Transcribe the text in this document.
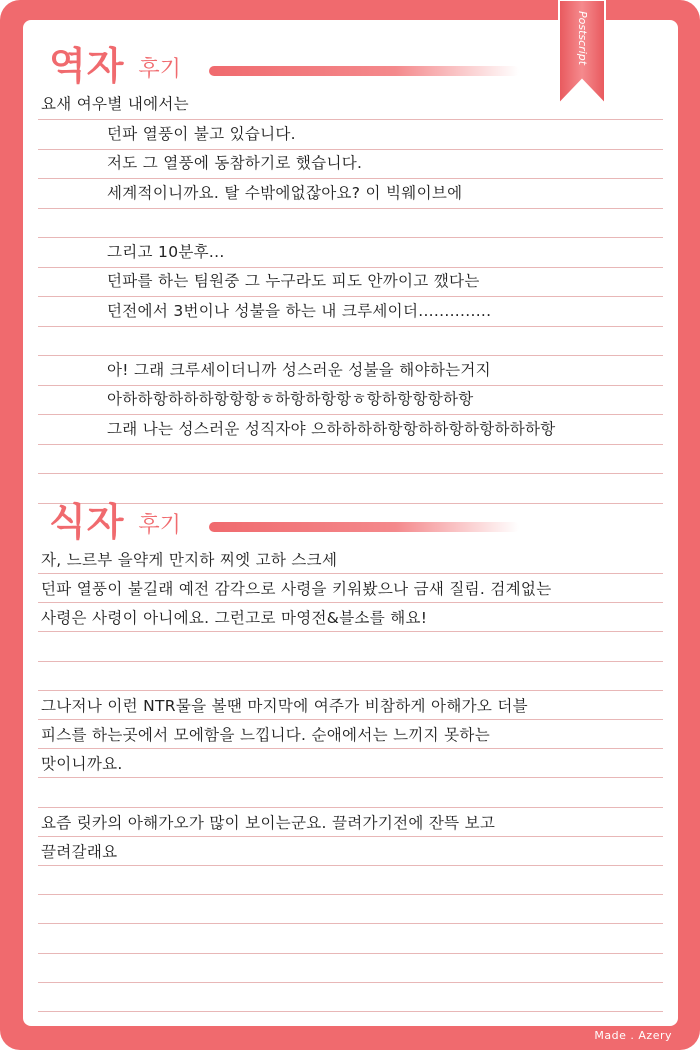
역자 후기
요새 여우별 내에서는
던파 열풍이 불고 있습니다.
저도 그 열풍에 동참하기로 했습니다.
세계적이니까요. 탈 수밖에없잖아요? 이 빅웨이브에
그리고 10분후...
던파를 하는 팀원중 그 누구라도 피도 안까이고 깼다는
던전에서 3번이나 성불을 하는 내 크루세이더..............
아! 그래 크루세이더니까 성스러운 성불을 해야하는거지
아하하항하하하항항항ㅎ하항하항항ㅎ항하항항항하항
그래 나는 성스러운 성직자야 으하하하하항항하하항하항하하하항
식자 후기
자, 느르부 을약게 만지하 찌엣 고하 스크세
던파 열풍이 불길래 예전 감각으로 사령을 키워봤으나 금새 질림. 검계없는
사령은 사령이 아니에요. 그런고로 마영전&블소를 해요!
그나저나 이런 NTR물을 볼땐 마지막에 여주가 비참하게 아해가오 더블
피스를 하는곳에서 모에함을 느낍니다. 순애에서는 느끼지 못하는
맛이니까요.
요즘 릿카의 아해가오가 많이 보이는군요. 끌려가기전에 잔뜩 보고
끌려갈래요
Postscript
Made . Azery
